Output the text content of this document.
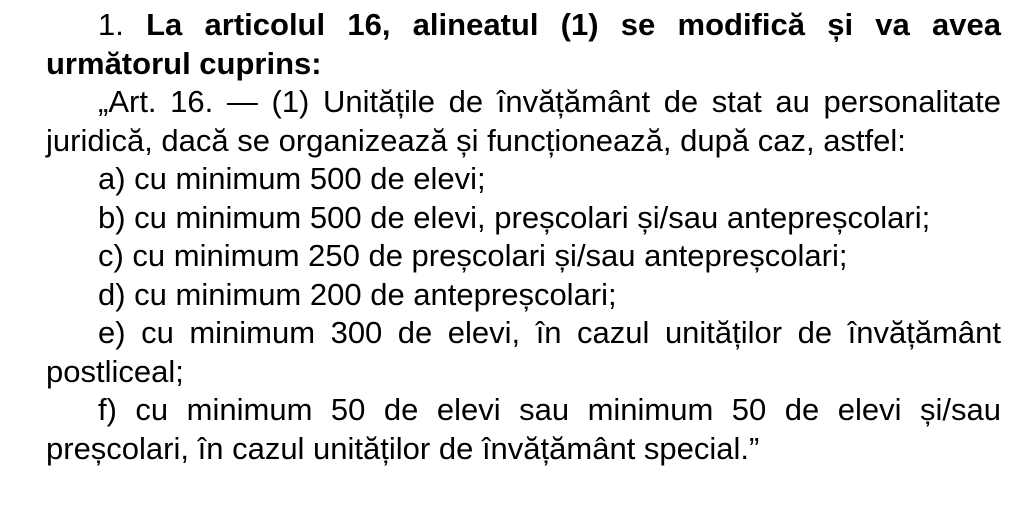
1. La articolul 16, alineatul (1) se modifică și va avea următorul cuprins:

„Art. 16. — (1) Unitățile de învățământ de stat au personalitate juridică, dacă se organizează și funcționează, după caz, astfel:

a) cu minimum 500 de elevi;

b) cu minimum 500 de elevi, preșcolari și/sau antepreșcolari;

c) cu minimum 250 de preșcolari și/sau antepreșcolari;

d) cu minimum 200 de antepreșcolari;

e) cu minimum 300 de elevi, în cazul unităților de învățământ postliceal;

f) cu minimum 50 de elevi sau minimum 50 de elevi și/sau preșcolari, în cazul unităților de învățământ special.”
